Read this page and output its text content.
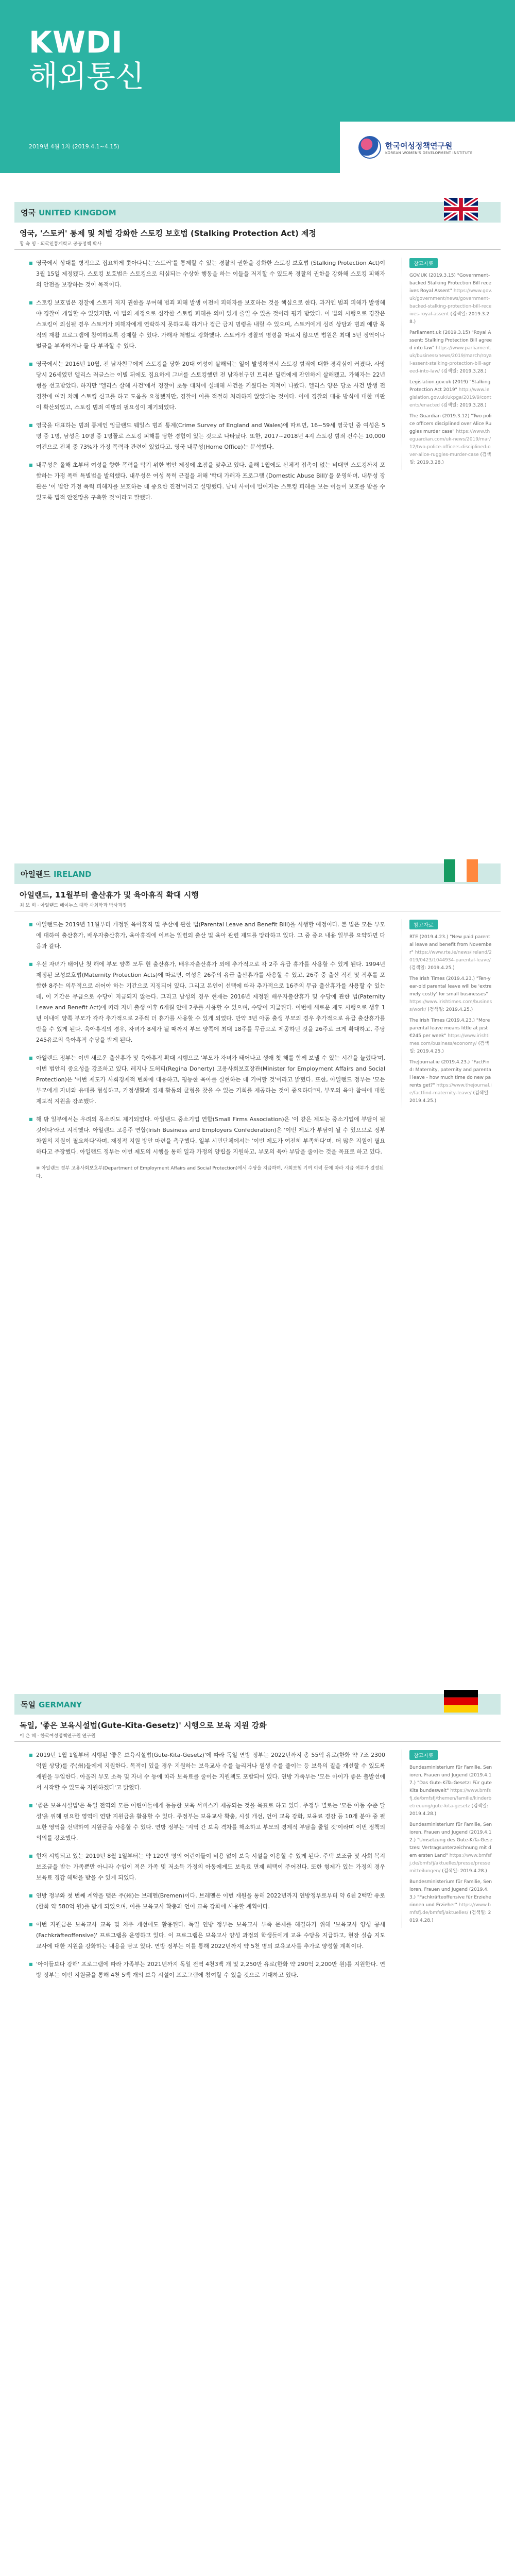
KWDI
해외통신
2019년 4월 1차 (2019.4.1~4.15)	한국여성정책연구원
KOREAN WOMEN'S DEVELOPMENT INSTITUTE
영국 UNITED KINGDOM
영국, '스토커' 통제 및 처벌 강화한 스토킹 보호법 (Stalking Protection Act) 제정
황 숙 영 · 외국인통계학교 공공정책 박사

■ 영국에서 상대를 병적으로 집요하게 쫓아다니는'스토커'를 통제할 수 있는 경찰의 권한을 강화한 스토킹 보호법 (Stalking Protection Act)이 3월 15일 제정됐다. 스토킹 보호법은 스토킹으로 의심되는 수상한 행동을 하는 이들을 저지할 수 있도록 경찰의 권한을 강화해 스토킹 피해자의 안전을 보장하는 것이 목적이다.

■ 스토킹 보호법은 경찰에 스토커 저지 권한을 부여해 범죄 피해 발생 이전에 피해자를 보호하는 것을 핵심으로 한다. 과거엔 범죄 피해가 발생해야 경찰이 개입할 수 있었지만, 이 법의 제정으로 심각한 스토킹 피해를 의미 있게 줄일 수 있을 것이라 평가 받았다. 이 법의 시행으로 경찰은 스토킹이 의심될 경우 스토커가 피해자에게 연락하지 못하도록 하거나 접근 금지 명령을 내릴 수 있으며, 스토커에게 심리 상담과 범죄 예방 목적의 재활 프로그램에 참여하도록 강제할 수 있다. 가해자 처벌도 강화했다. 스토커가 경찰의 명령을 따르지 않으면 법원은 최대 5년 징역이나 벌금을 부과하거나 둘 다 부과할 수 있다.

■ 영국에서는 2016년 10월, 전 남자친구에게 스토킹을 당한 20대 여성이 살해되는 일이 발생하면서 스토킹 범죄에 대한 경각심이 커졌다. 사망 당시 26세였던 엘리스 러글스는 이별 뒤에도 집요하게 그녀를 스토킹했던 전 남자친구인 트리븐 딜런에게 잔인하게 살해됐고, 가해자는 22년 형을 선고받았다. 하지만 '엘리스 살해 사건'에서 경찰이 초동 대처에 실패해 사건을 키웠다는 지적이 나왔다. 엘리스 양은 당초 사건 발생 전 경찰에 여러 차례 스토킹 신고를 하고 도움을 요청했지만, 경찰이 이를 적절히 처리하지 않았다는 것이다. 이에 경찰의 대응 방식에 대한 비판이 확산되었고, 스토킹 범죄 예방의 필요성이 제기되었다.

■ 영국을 대표하는 범죄 통계인 잉글랜드 웨일스 범죄 통계(Crime Survey of England and Wales)에 따르면, 16~59세 영국인 중 여성은 5명 중 1명, 남성은 10명 중 1명꼴로 스토킹 피해를 당한 경험이 있는 것으로 나타났다. 또한, 2017~2018년 4지 스토킹 범죄 건수는 10,000여건으로 전체 중 73%가 가정 폭력과 관련이 있었다고, 영국 내무성(Home Office)는 분석했다.

■ 내무성은 올해 초부터 여성을 향한 폭력을 막기 위한 법안 제정에 초점을 맞추고 있다. 올해 1월에도 신체적 접촉이 없는 비대면 스토킹까지 포함하는 가정 폭력 특별법을 발의했다. 내무성은 여성 폭력 근절을 위해 '학대 가해자 프로그램 (Domestic Abuse Bill)'을 운영하며, 내무성 장관은 '이 법안 가정 폭력 피해자를 보호하는 데 중요한 진전'이라고 설명했다. 남녀 사이에 벌어지는 스토킹 피해를 보는 이들이 보호를 받을 수 있도록 법적 안전망을 구축할 것'이라고 말했다.

참고자료
GOV.UK (2019.3.15) "Government-backed Stalking Protection Bill receives Royal Assent" https://www.gov.uk/government/news/government-backed-stalking-protection-bill-receives-royal-assent (검색일: 2019.3.28.)
Parliament.uk (2019.3.15) "Royal Assent: Stalking Protection Bill agreed into law" https://www.parliament.uk/business/news/2019/march/royal-assent-stalking-protection-bill-agreed-into-law/ (검색일: 2019.3.28.)
Legislation.gov.uk (2019) "Stalking Protection Act 2019" http://www.legislation.gov.uk/ukpga/2019/9/contents/enacted (검색일: 2019.3.28.)
The Guardian (2019.3.12) "Two police officers disciplined over Alice Ruggles murder case" https://www.theguardian.com/uk-news/2019/mar/12/two-police-officers-disciplined-over-alice-ruggles-murder-case (검색일: 2019.3.28.)
아일랜드 IRELAND
아일랜드, 11월부터 출산휴가 및 육아휴직 확대 시행
최 보 희 · 아일랜드 메이누스 대학 사회학과 박사과정

■ 아일랜드는 2019년 11월부터 개정된 육아휴직 및 주산에 관한 법(Parental Leave and Benefit Bill)을 시행할 예정이다. 본 법은 모든 부모에 대하여 출산휴가, 배우자출산휴가, 육아휴직에 이르는 일련의 출산 및 육아 관련 제도를 망라하고 있다. 그 중 중요 내용 일부를 요약하면 다음과 같다.

■ 우선 자녀가 태어난 첫 해에 부모 양쪽 모두 현 출산휴가, 배우자출산휴가 외에 추가적으로 각 2주 유급 휴가를 사용할 수 있게 된다. 1994년 제정된 모성보호법(Maternity Protection Acts)에 따르면, 여성은 26주의 유급 출산휴가를 사용할 수 있고, 26주 중 출산 직전 및 직후를 포함한 8주는 의무적으로 쉬어야 하는 기간으로 지정되어 있다. 그리고 본인이 선택에 따라 추가적으로 16주의 무급 출산휴가를 사용할 수 있는데, 이 기간은 무급으로 수당이 지급되지 않는다. 그리고 남성의 경우 현재는 2016년 제정된 배우자출산휴가 및 수당에 관한 법(Paternity Leave and Benefit Act)에 따라 자녀 출생 이후 6개월 안에 2주를 사용할 수 있으며, 수당이 지급된다. 이번에 새로운 제도 시행으로 생후 1년 이내에 양쪽 부모가 각각 추가적으로 2주씩 더 휴가를 사용할 수 있게 되었다. 만약 3년 아동 출생 부모의 경우 추가적으로 유급 출산휴가를 받을 수 있게 된다. 육아휴직의 경우, 자녀가 8세가 될 때까지 부모 양쪽에 최대 18주를 무급으로 제공하던 것을 26주로 크게 확대하고, 주당 245유로의 육아휴직 수당을 받게 된다.

■ 아일랜드 정부는 이번 새로운 출산휴가 및 육아휴직 확대 시행으로 '부모가 자녀가 태어나고 생애 첫 해를 함께 보낼 수 있는 시간을 늘렸다'며, 이번 법안의 중요성을 강조하고 있다. 레지나 도허티(Regina Doherty) 고용사회보호장관(Minister for Employment Affairs and Social Protection)은 '이번 제도가 사회경제적 변화에 대응하고, 평등한 육아를 실현하는 데 기여할 것'이라고 밝혔다. 또한, 아일랜드 정부는 '모든 부모에게 자녀와 유대를 형성하고, 가정생활과 경제 활동의 균형을 찾을 수 있는 기회를 제공하는 것이 중요하다'며, 부모의 육아 참여에 대한 제도적 지원을 강조했다.

■ 해 밖 일부에서는 우려의 목소리도 제기되었다. 아일랜드 중소기업 연합(Small Firms Association)은 '이 같은 제도는 중소기업에 부담이 될 것이다'라고 지적했다. 아일랜드 고용주 연합(Irish Business and Employers Confederation)은 '이번 제도가 부담이 될 수 있으므로 정부 차원의 지원이 필요하다'라며, 재정적 지원 방안 마련을 촉구했다. 일부 시민단체에서는 '이번 제도가 여전히 부족하다'며, 더 많은 지원이 필요하다고 주장했다. 아일랜드 정부는 이번 제도의 시행을 통해 일과 가정의 양립을 지원하고, 부모의 육아 부담을 줄이는 것을 목표로 하고 있다.

※ 아일랜드 정부 고용사회보호부(Department of Employment Affairs and Social Protection)에서 수당을 지급하며, 사회보험 기여 이력 등에 따라 지급 여부가 결정된다.

참고자료
RTE (2019.4.23.) "New paid parental leave and benefit from November" https://www.rte.ie/news/ireland/2019/0423/1044934-parental-leave/ (검색일: 2019.4.25.)
The Irish Times (2019.4.23.) "Ten-year-old parental leave will be 'extremely costly' for small businesses" https://www.irishtimes.com/business/work/ (검색일: 2019.4.25.)
The Irish Times (2019.4.23.) "More parental leave means little at just €245 per week" https://www.irishtimes.com/business/economy/ (검색일: 2019.4.25.)
TheJournal.ie (2019.4.23.) "FactFind: Maternity, paternity and parental leave - how much time do new parents get?" https://www.thejournal.ie/factfind-maternity-leave/ (검색일: 2019.4.25.)
독일 GERMANY
독일, '좋은 보육시설법(Gute-Kita-Gesetz)' 시행으로 보육 지원 강화
이 은 혜 · 한국여성정책연구원 연구원

■ 2019년 1월 1일부터 시행된 '좋은 보육시설법(Gute-Kita-Gesetz)'에 따라 독일 연방 정부는 2022년까지 총 55억 유로(한화 약 7조 2300억원 상당)를 주(州)들에게 지원한다. 목적이 있을 경우 지원하는 보육교사 수를 늘리거나 원생 수를 줄이는 등 보육의 질을 개선할 수 있도록 재원을 투입한다. 아울러 부모 소득 및 자녀 수 등에 따라 보육료를 줄이는 지원책도 포함되어 있다. 연방 가족부는 '모든 아이가 좋은 출발선에서 시작할 수 있도록 지원하겠다'고 밝혔다.

■ '좋은 보육시설법'은 독일 전역의 모든 어린이들에게 동등한 보육 서비스가 제공되는 것을 목표로 하고 있다. 주정부 별로는 '모든 아동 수준 달성'을 위해 필요한 영역에 연방 지원금을 활용할 수 있다. 주정부는 보육교사 확충, 시설 개선, 언어 교육 강화, 보육료 경감 등 10개 분야 중 필요한 영역을 선택하여 지원금을 사용할 수 있다. 연방 정부는 '지역 간 보육 격차를 해소하고 부모의 경제적 부담을 줄일 것'이라며 이번 정책의 의의를 강조했다.

■ 현재 시행되고 있는 2019년 8월 1일부터는 약 120만 명의 어린이들이 비용 없이 보육 시설을 이용할 수 있게 된다. 주택 보조금 및 사회 복지 보조금을 받는 가족뿐만 아니라 수입이 적은 가족 및 저소득 가정의 아동에게도 보육료 면제 혜택이 주어진다. 또한 형제가 있는 가정의 경우 보육료 경감 혜택을 받을 수 있게 되었다.

■ 연방 정부와 첫 번째 계약을 맺은 주(州)는 브레멘(Bremen)이다. 브레멘은 이번 재원을 통해 2022년까지 연방정부로부터 약 6천 2백만 유로(한화 약 580억 원)를 받게 되었으며, 이를 보육교사 확충과 언어 교육 강화에 사용할 계획이다.

■ 이번 지원금은 보육교사 교육 및 처우 개선에도 활용된다. 독일 연방 정부는 보육교사 부족 문제를 해결하기 위해 '보육교사 양성 공세(Fachkräfteoffensive)' 프로그램을 운영하고 있다. 이 프로그램은 보육교사 양성 과정의 학생들에게 교육 수당을 지급하고, 현장 실습 지도 교사에 대한 지원을 강화하는 내용을 담고 있다. 연방 정부는 이를 통해 2022년까지 약 5천 명의 보육교사를 추가로 양성할 계획이다.

■ '아이들보다 강해' 프로그램에 따라 가족부는 2021년까지 독일 전역 4천3백 개 및 2,250만 유로(한화 약 290억 2,200만 원)를 지원한다. 연방 정부는 이번 지원금을 통해 4천 5백 개의 보육 시설이 프로그램에 참여할 수 있을 것으로 기대하고 있다.

참고자료
Bundesministerium für Familie, Senioren, Frauen und Jugend (2019.4.17.) "Das Gute-KiTa-Gesetz: Für gute Kita bundesweit" https://www.bmfsfj.de/bmfsfj/themen/familie/kinderbetreuung/gute-kita-gesetz (검색일: 2019.4.28.)
Bundesministerium für Familie, Senioren, Frauen und Jugend (2019.4.12.) "Umsetzung des Gute-KiTa-Gesetzes: Vertragsunterzeichnung mit dem ersten Land" https://www.bmfsfj.de/bmfsfj/aktuelles/presse/pressemitteilungen/ (검색일: 2019.4.28.)
Bundesministerium für Familie, Senioren, Frauen und Jugend (2019.4.3.) "Fachkräfteoffensive für Erzieherinnen und Erzieher" https://www.bmfsfj.de/bmfsfj/aktuelles/ (검색일: 2019.4.28.)
